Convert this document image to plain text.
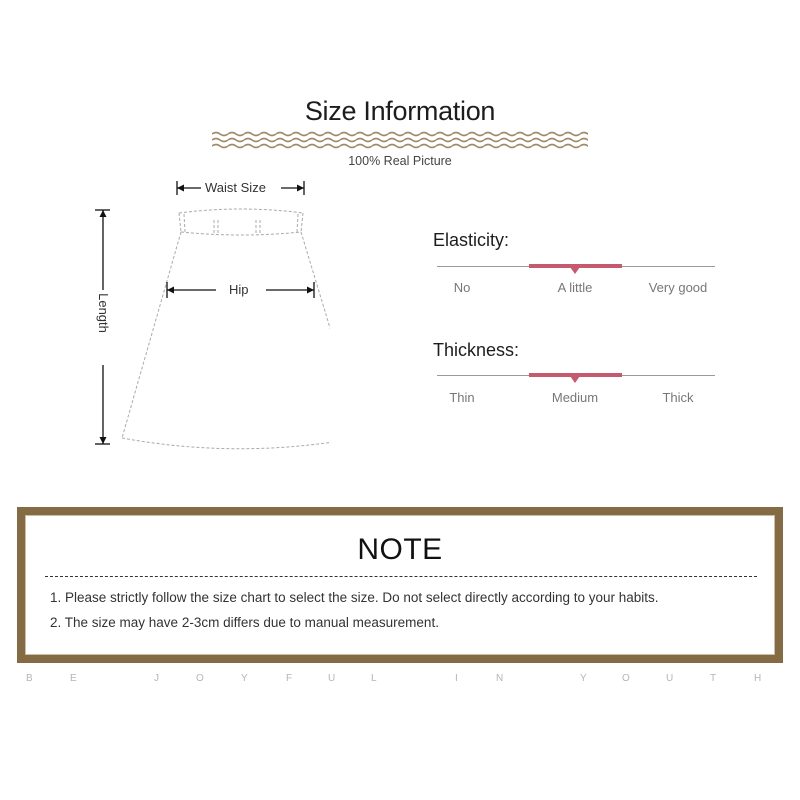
Size Information
100% Real Picture
Waist Size
Hip
Length
Elasticity:
No	A little	Very good
Thickness:
Thin	Medium	Thick
NOTE
1. Please strictly follow the size chart to select the size. Do not select directly according to your habits.
2. The size may have 2-3cm differs due to manual measurement.
B	E	J	O	Y	F	U	L	I	N	Y	O	U	T	H
